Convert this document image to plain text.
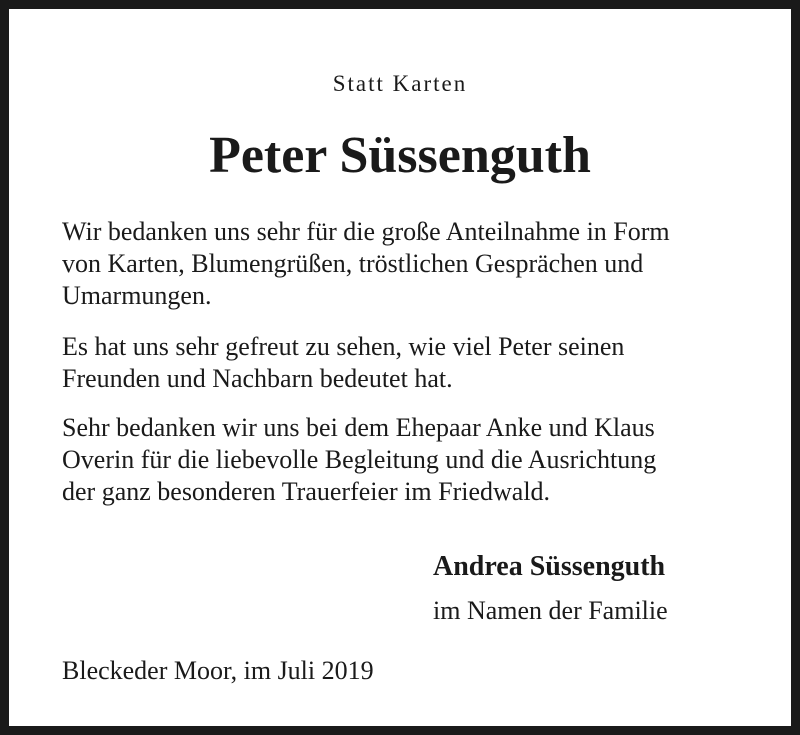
Statt Karten
Peter Süssenguth

Wir bedanken uns sehr für die große Anteilnahme in Form
von Karten, Blumengrüßen, tröstlichen Gesprächen und
Umarmungen.

Es hat uns sehr gefreut zu sehen, wie viel Peter seinen
Freunden und Nachbarn bedeutet hat.

Sehr bedanken wir uns bei dem Ehepaar Anke und Klaus
Overin für die liebevolle Begleitung und die Ausrichtung
der ganz besonderen Trauerfeier im Friedwald.

Andrea Süssenguth
im Namen der Familie
Bleckeder Moor, im Juli 2019
